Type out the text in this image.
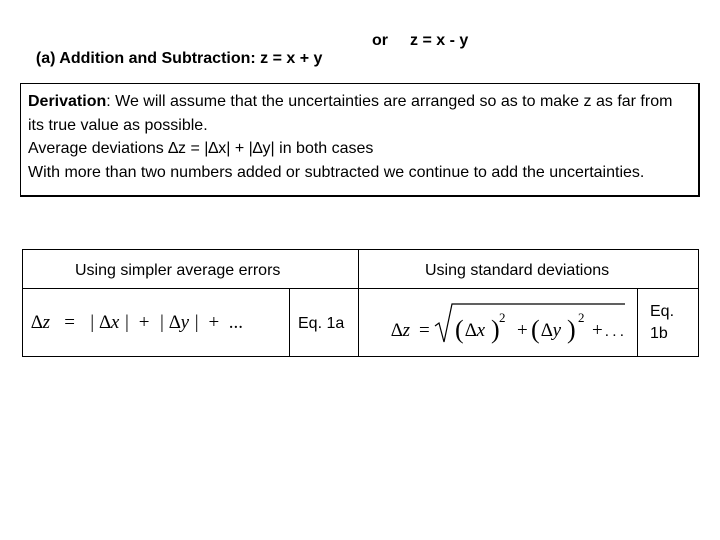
(a) Addition and Subtraction: z = x + y

or

z = x - y

Derivation: We will assume that the uncertainties are arranged so as to make z as far from its true value as possible.

Average deviations ∆z = |∆x| + |∆y| in both cases

With more than two numbers added or subtracted we continue to add the uncertainties.

Using simpler average errors	Using standard deviations
∆z = | ∆x | + | ∆y | + ...	Eq. 1a ∆z = ( ∆x ) 2
+ ( ∆y ) 2
+ . . .
Eq.
1b
